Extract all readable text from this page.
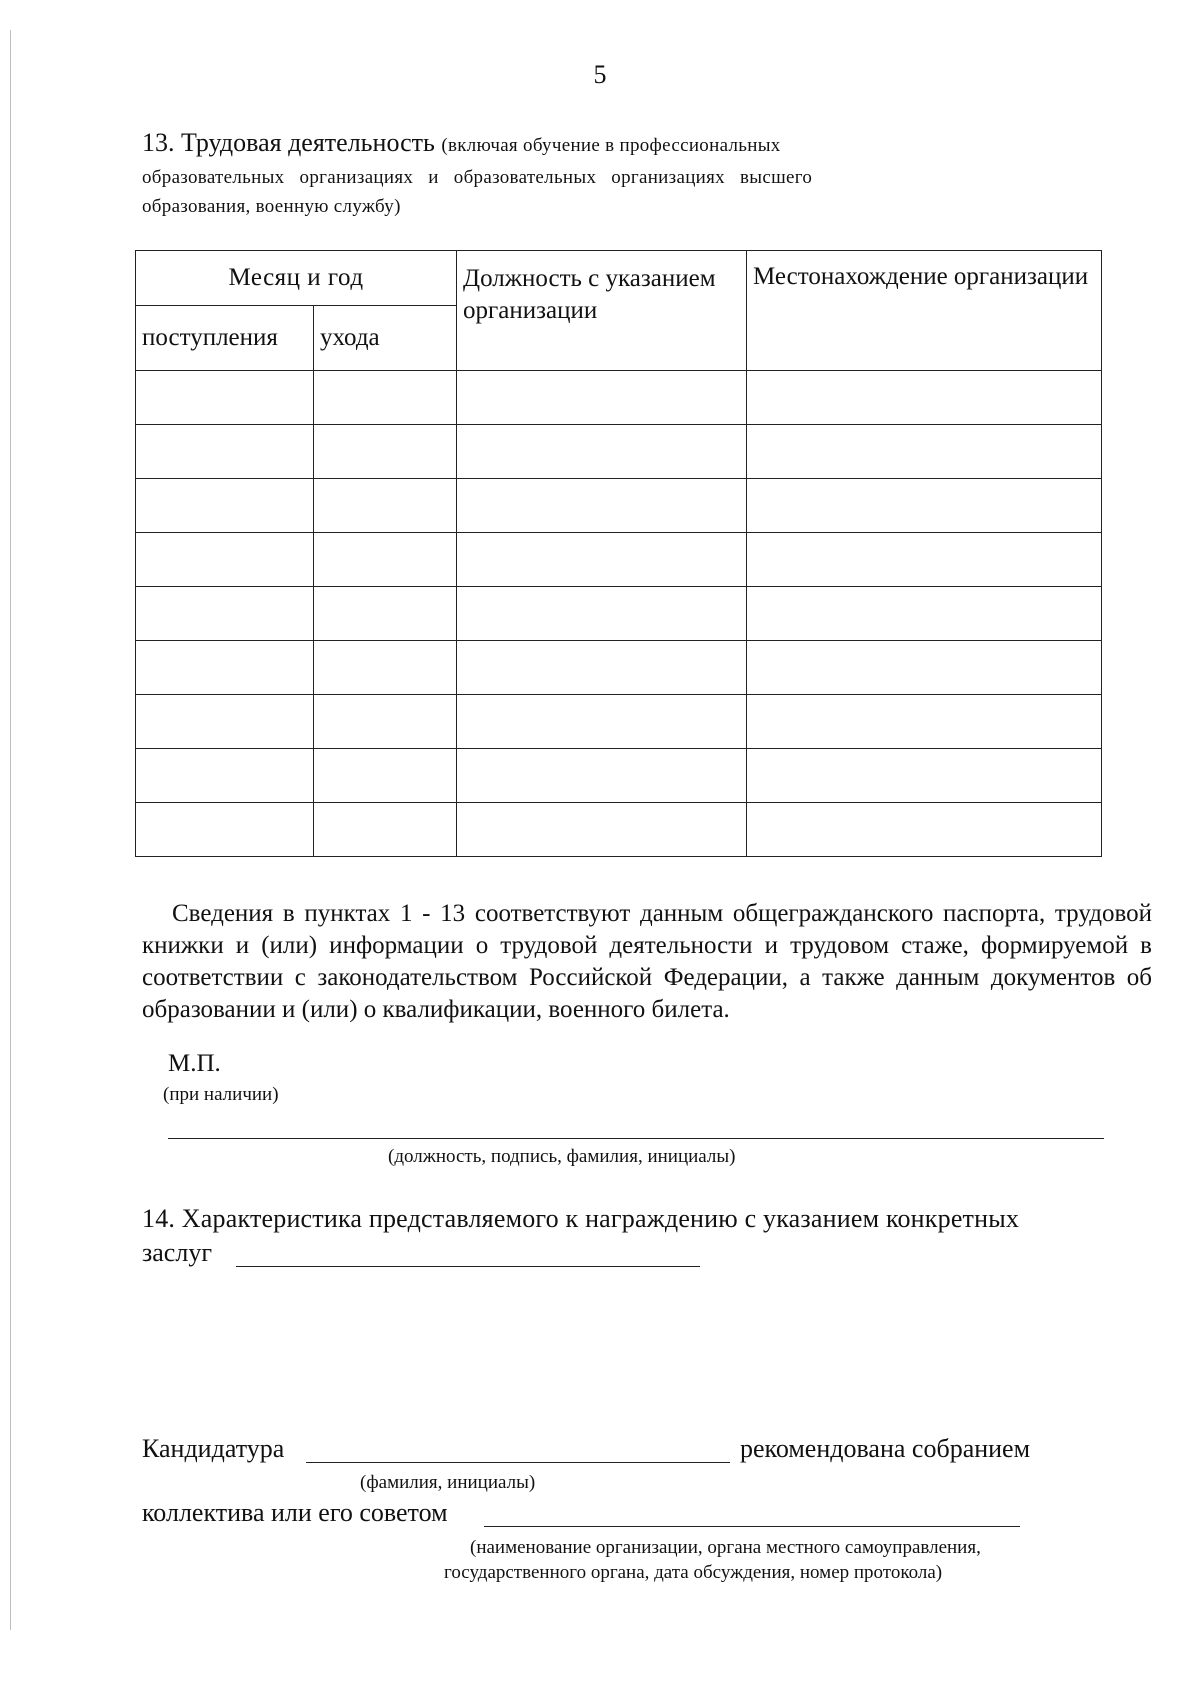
5
13. Трудовая деятельность (включая обучение в профессиональных
образовательных организациях и образовательных организациях высшего
образования, военную службу)
Месяц и год		Должность с указанием организации	Местонахождение организации
поступления	ухода		

Сведения в пунктах 1 - 13 соответствуют данным общегражданского паспорта, трудовой книжки и (или) информации о трудовой деятельности и трудовом стаже, формируемой в соответствии с законодательством Российской Федерации, а также данным документов об образовании и (или) о квалификации, военного билета.
М.П.
(при наличии)
(должность, подпись, фамилия, инициалы)
14. Характеристика представляемого к награждению с указанием конкретных
заслуг
Кандидатура	рекомендована собранием
(фамилия, инициалы)
коллектива или его советом
(наименование организации, органа местного самоуправления,
государственного органа, дата обсуждения, номер протокола)
